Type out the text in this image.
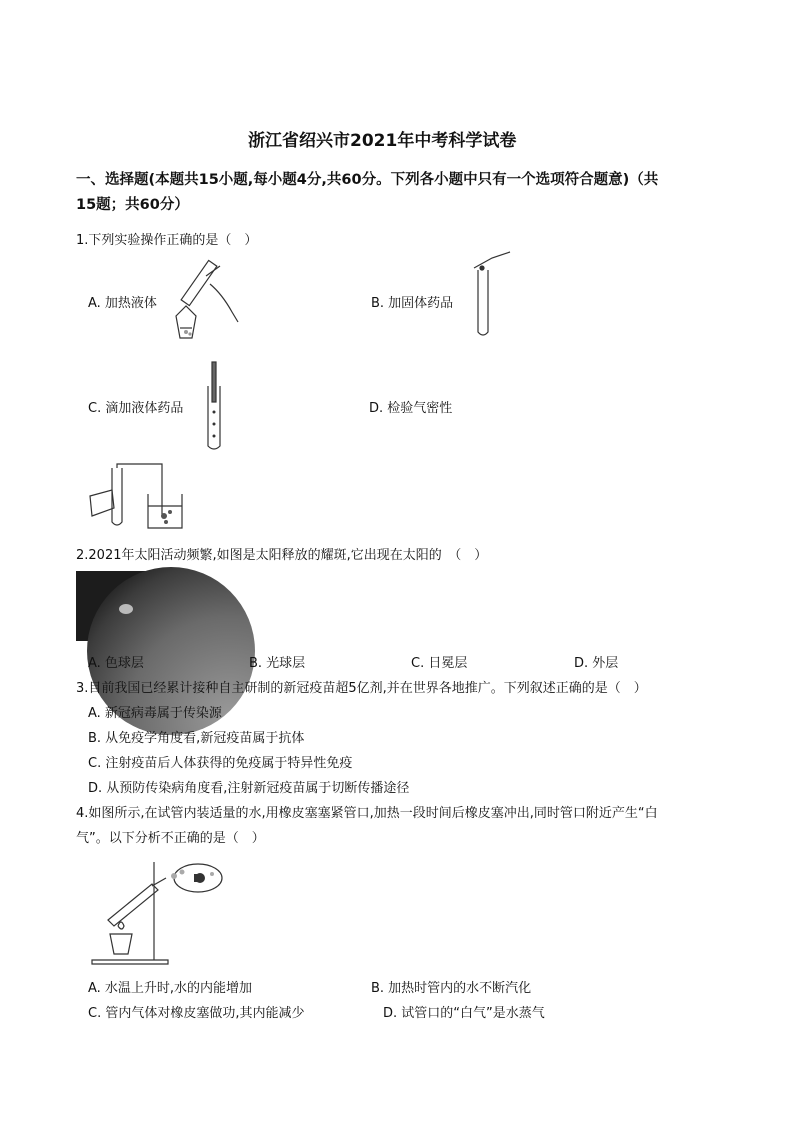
浙江省绍兴市2021年中考科学试卷
一、选择题(本题共15小题,每小题4分,共60分。下列各小题中只有一个选项符合题意)（共
15题；共60分）
1.下列实验操作正确的是（　）
A. 加热液体	B. 加固体药品
C. 滴加液体药品	D. 检验气密性
2.2021年太阳活动频繁,如图是太阳释放的耀斑,它出现在太阳的　（　）
A. 色球层	B. 光球层	C. 日冕层	D. 外层
3.目前我国已经累计接种自主研制的新冠疫苗超5亿剂,并在世界各地推广。下列叙述正确的是（　）
A. 新冠病毒属于传染源
B. 从免疫学角度看,新冠疫苗属于抗体
C. 注射疫苗后人体获得的免疫属于特异性免疫
D. 从预防传染病角度看,注射新冠疫苗属于切断传播途径
4.如图所示,在试管内装适量的水,用橡皮塞塞紧管口,加热一段时间后橡皮塞冲出,同时管口附近产生“白
气”。以下分析不正确的是（　）
A. 水温上升时,水的内能增加	B. 加热时管内的水不断汽化
C. 管内气体对橡皮塞做功,其内能减少	D. 试管口的“白气”是水蒸气
